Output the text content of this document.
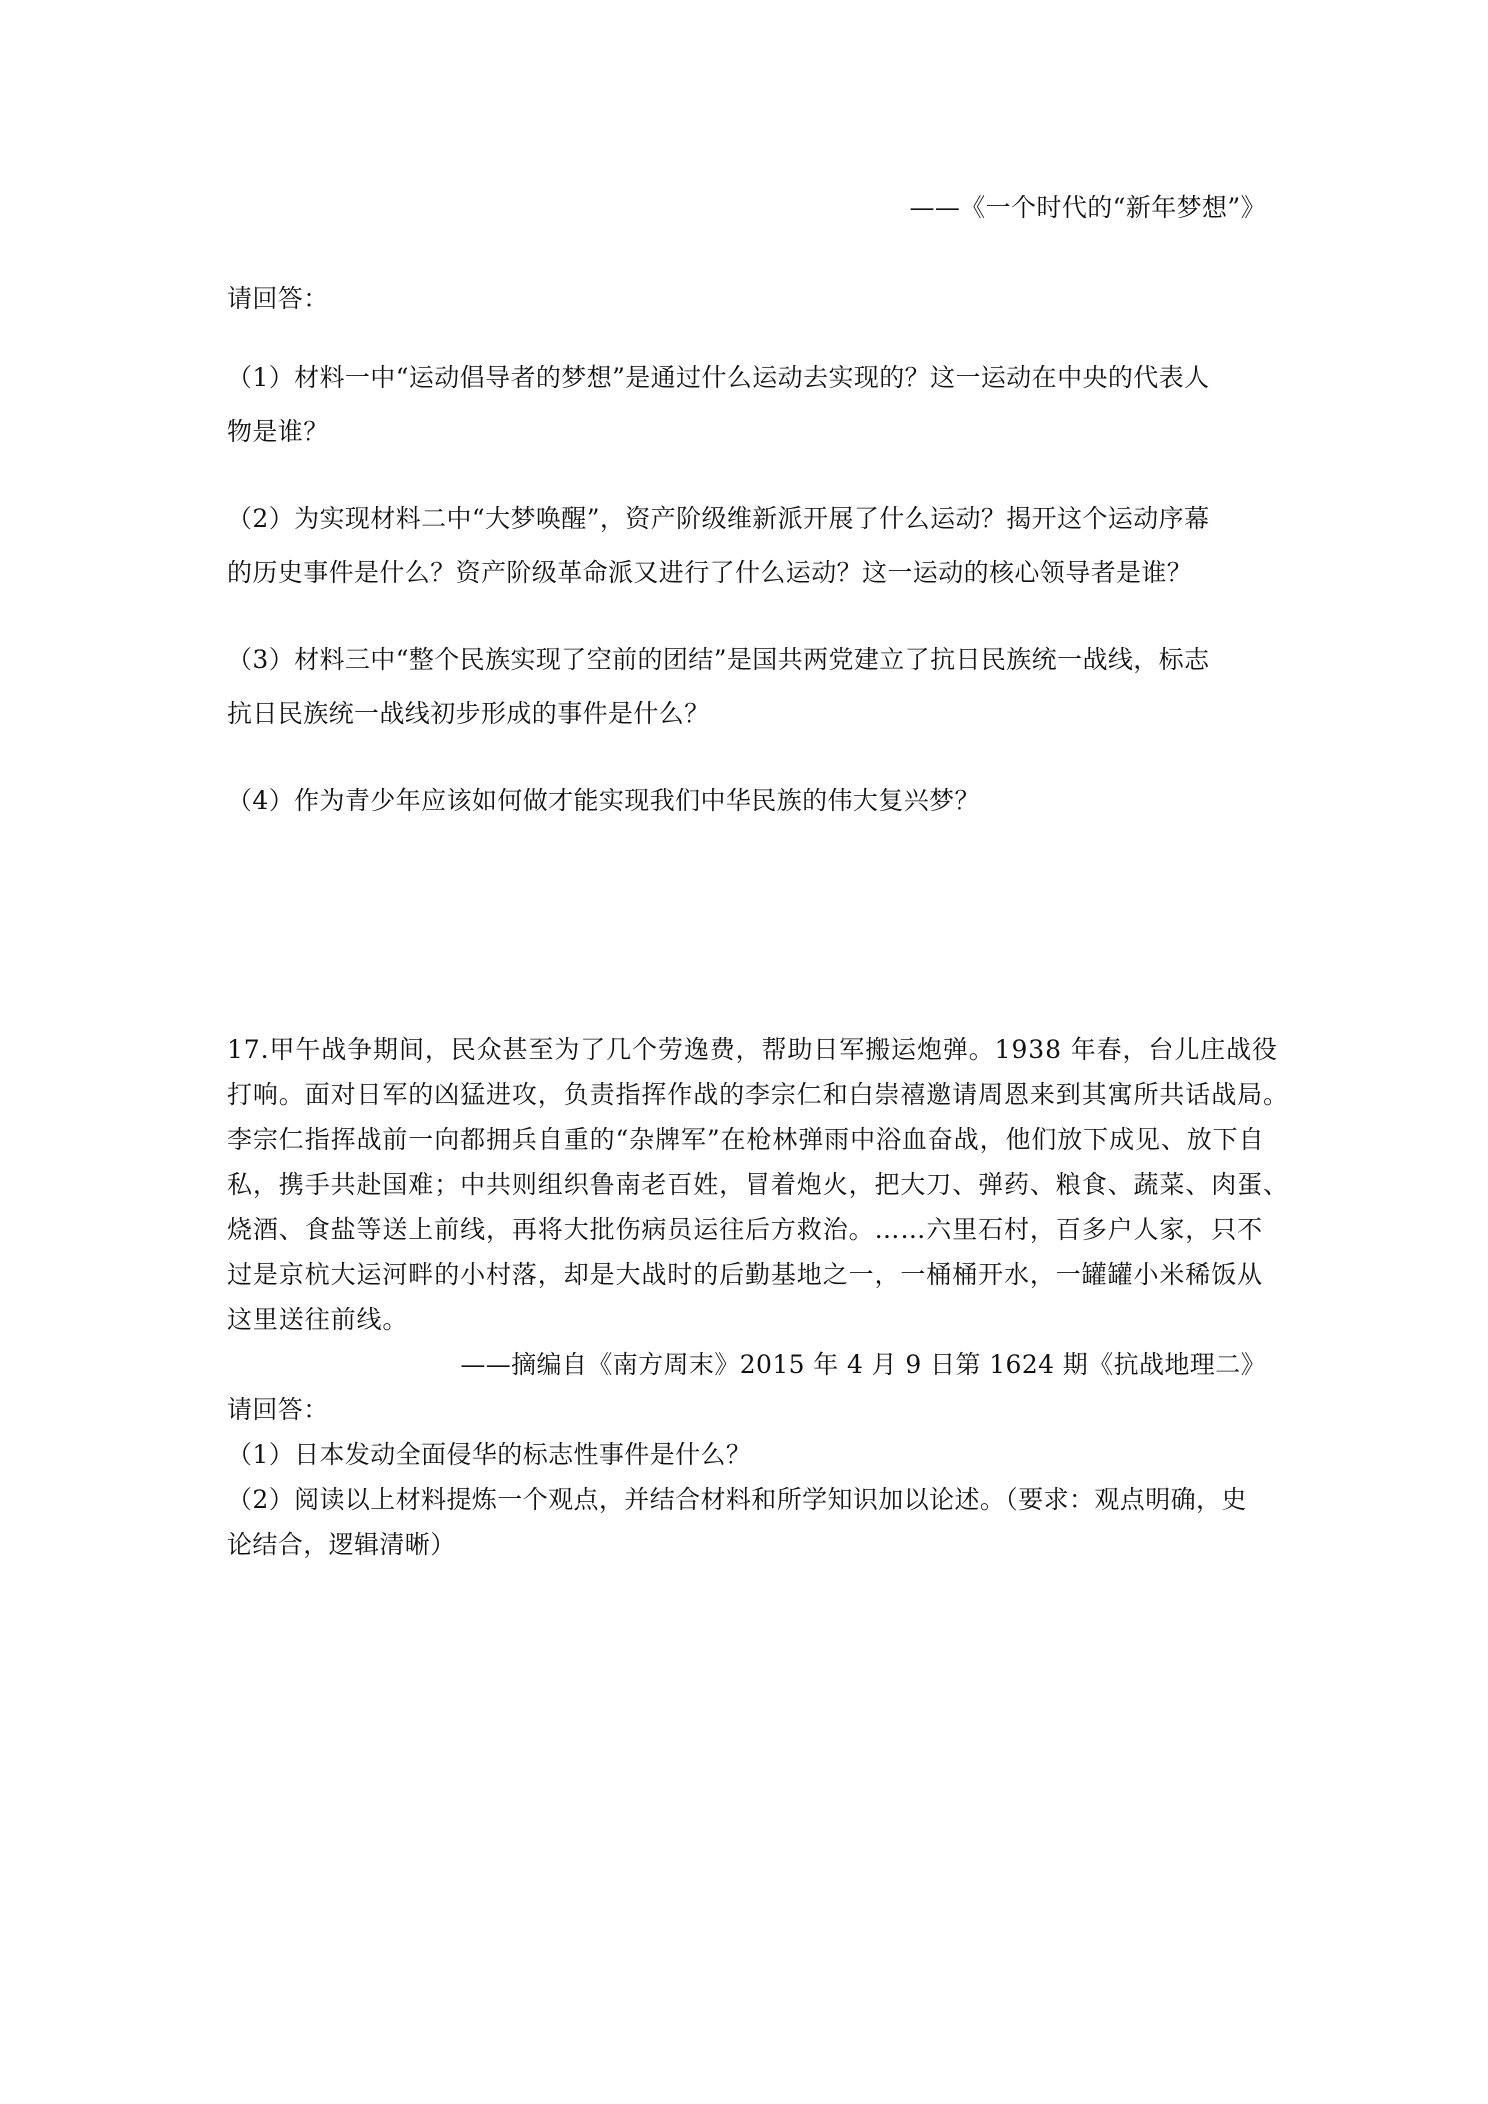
——《一个时代的“新年梦想”》
请回答：
（1）材料一中“运动倡导者的梦想”是通过什么运动去实现的？这一运动在中央的代表人
物是谁？
（2）为实现材料二中“大梦唤醒”，资产阶级维新派开展了什么运动？揭开这个运动序幕
的历史事件是什么？资产阶级革命派又进行了什么运动？这一运动的核心领导者是谁？
（3）材料三中“整个民族实现了空前的团结”是国共两党建立了抗日民族统一战线，标志
抗日民族统一战线初步形成的事件是什么？
（4）作为青少年应该如何做才能实现我们中华民族的伟大复兴梦？
17.甲午战争期间，民众甚至为了几个劳逸费，帮助日军搬运炮弹。1938 年春，台儿庄战役
打响。面对日军的凶猛进攻，负责指挥作战的李宗仁和白崇禧邀请周恩来到其寓所共话战局。
李宗仁指挥战前一向都拥兵自重的“杂牌军”在枪林弹雨中浴血奋战，他们放下成见、放下自
私，携手共赴国难；中共则组织鲁南老百姓，冒着炮火，把大刀、弹药、粮食、蔬菜、肉蛋、
烧酒、食盐等送上前线，再将大批伤病员运往后方救治。……六里石村，百多户人家，只不
过是京杭大运河畔的小村落，却是大战时的后勤基地之一，一桶桶开水，一罐罐小米稀饭从
这里送往前线。
——摘编自《南方周末》2015 年 4 月 9 日第 1624 期《抗战地理二》
请回答：
（1）日本发动全面侵华的标志性事件是什么？
（2）阅读以上材料提炼一个观点，并结合材料和所学知识加以论述。（要求：观点明确，史
论结合，逻辑清晰）
